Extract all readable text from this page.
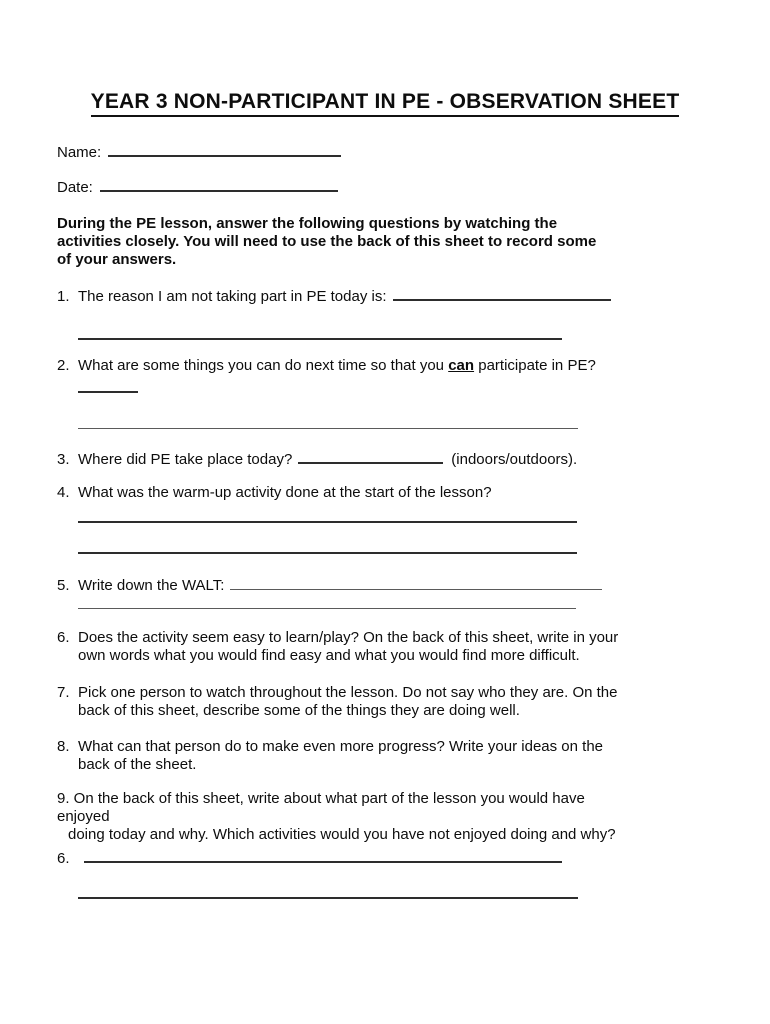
YEAR 3 NON-PARTICIPANT IN PE - OBSERVATION SHEET
Name:
Date:
During the PE lesson, answer the following questions by watching the
activities closely. You will need to use the back of this sheet to record some
of your answers.
1. The reason I am not taking part in PE today is:
2. What are some things you can do next time so that you can participate in PE?
3. Where did PE take place today?	(indoors/outdoors).
4. What was the warm-up activity done at the start of the lesson?
5. Write down the WALT:
6. Does the activity seem easy to learn/play? On the back of this sheet, write in your
own words what you would find easy and what you would find more difficult.
7. Pick one person to watch throughout the lesson. Do not say who they are. On the
back of this sheet, describe some of the things they are doing well.
8. What can that person do to make even more progress? Write your ideas on the
back of the sheet.
9. On the back of this sheet, write about what part of the lesson you would have
enjoyed
doing today and why. Which activities would you have not enjoyed doing and why?
6.
